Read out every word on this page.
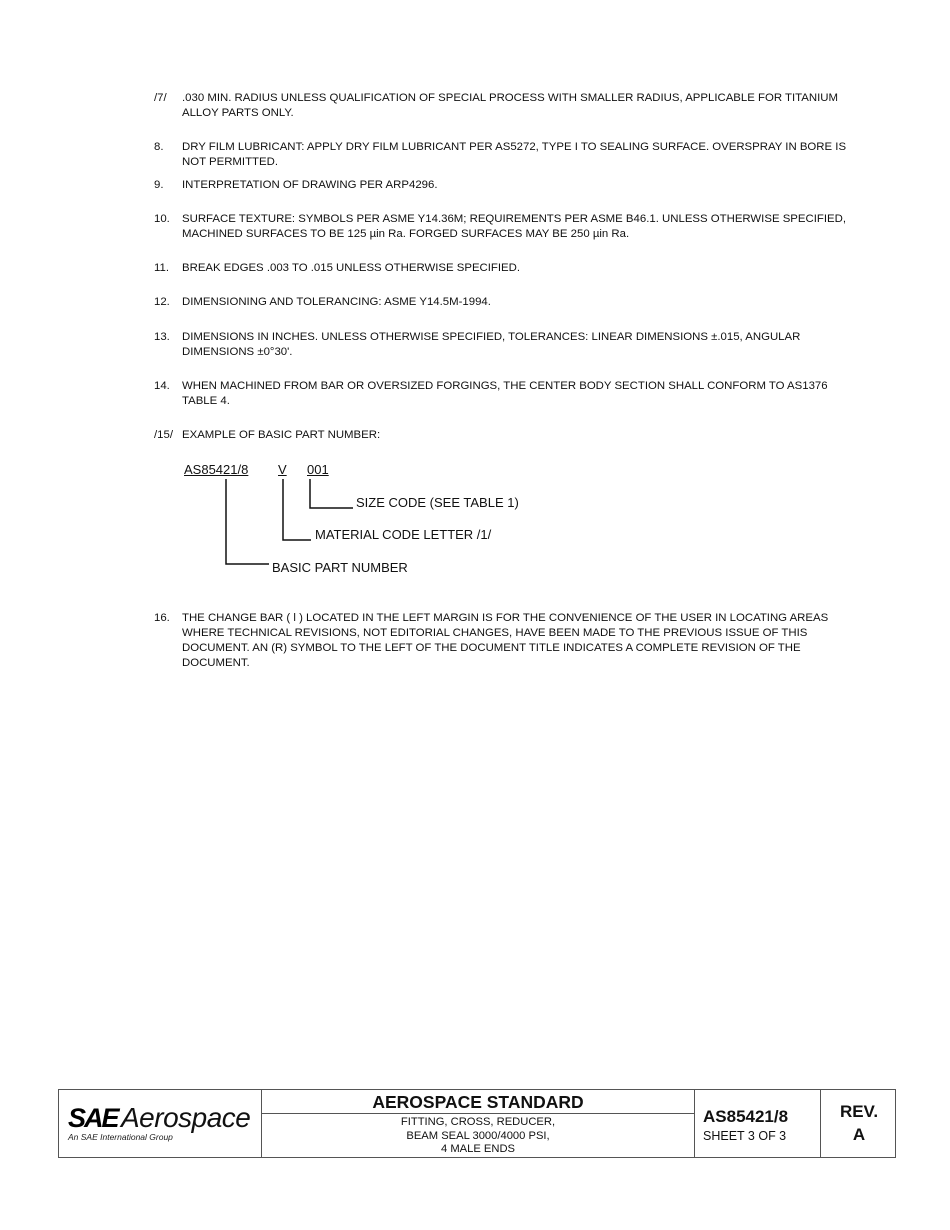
/7/ .030 MIN. RADIUS UNLESS QUALIFICATION OF SPECIAL PROCESS WITH SMALLER RADIUS, APPLICABLE FOR TITANIUM ALLOY PARTS ONLY.
8. DRY FILM LUBRICANT: APPLY DRY FILM LUBRICANT PER AS5272, TYPE I TO SEALING SURFACE. OVERSPRAY IN BORE IS NOT PERMITTED.
9. INTERPRETATION OF DRAWING PER ARP4296.
10. SURFACE TEXTURE: SYMBOLS PER ASME Y14.36M; REQUIREMENTS PER ASME B46.1. UNLESS OTHERWISE SPECIFIED, MACHINED SURFACES TO BE 125 µin Ra. FORGED SURFACES MAY BE 250 µin Ra.
11. BREAK EDGES .003 TO .015 UNLESS OTHERWISE SPECIFIED.
12. DIMENSIONING AND TOLERANCING: ASME Y14.5M-1994.
13. DIMENSIONS IN INCHES. UNLESS OTHERWISE SPECIFIED, TOLERANCES: LINEAR DIMENSIONS ±.015, ANGULAR DIMENSIONS ±0°30'.
14. WHEN MACHINED FROM BAR OR OVERSIZED FORGINGS, THE CENTER BODY SECTION SHALL CONFORM TO AS1376 TABLE 4.
/15/ EXAMPLE OF BASIC PART NUMBER:
AS85421/8 V 001
SIZE CODE (SEE TABLE 1)
MATERIAL CODE LETTER /1/
BASIC PART NUMBER
16. THE CHANGE BAR ( l ) LOCATED IN THE LEFT MARGIN IS FOR THE CONVENIENCE OF THE USER IN LOCATING AREAS WHERE TECHNICAL REVISIONS, NOT EDITORIAL CHANGES, HAVE BEEN MADE TO THE PREVIOUS ISSUE OF THIS DOCUMENT. AN (R) SYMBOL TO THE LEFT OF THE DOCUMENT TITLE INDICATES A COMPLETE REVISION OF THE DOCUMENT.
SAE Aerospace
An SAE International Group
AEROSPACE STANDARD
FITTING, CROSS, REDUCER,
BEAM SEAL 3000/4000 PSI,
4 MALE ENDS
AS85421/8
SHEET 3 OF 3
REV.
A
